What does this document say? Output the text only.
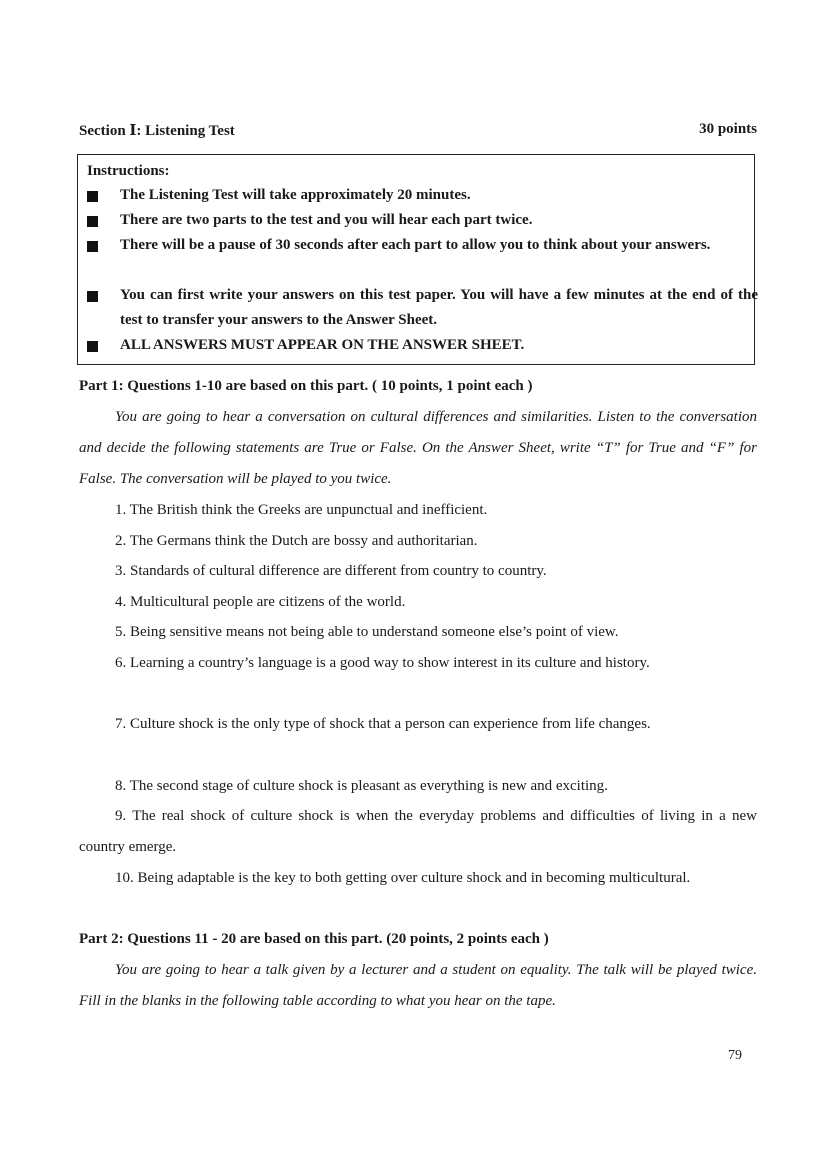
Section Ⅰ: Listening Test	30 points
Instructions:
The Listening Test will take approximately 20 minutes.
There are two parts to the test and you will hear each part twice.
There will be a pause of 30 seconds after each part to allow you to think about your answers.
You can first write your answers on this test paper. You will have a few minutes at the end of the test to transfer your answers to the Answer Sheet.
ALL ANSWERS MUST APPEAR ON THE ANSWER SHEET.
Part 1: Questions 1-10 are based on this part. ( 10 points, 1 point each )
You are going to hear a conversation on cultural differences and similarities. Listen to the conversation and decide the following statements are True or False. On the Answer Sheet, write “T” for True and “F” for False. The conversation will be played to you twice.
1. The British think the Greeks are unpunctual and inefficient.
2. The Germans think the Dutch are bossy and authoritarian.
3. Standards of cultural difference are different from country to country.
4. Multicultural people are citizens of the world.
5. Being sensitive means not being able to understand someone else’s point of view.
6. Learning a country’s language is a good way to show interest in its culture and history.
7. Culture shock is the only type of shock that a person can experience from life changes.
8. The second stage of culture shock is pleasant as everything is new and exciting.
9. The real shock of culture shock is when the everyday problems and difficulties of living in a new country emerge.
10. Being adaptable is the key to both getting over culture shock and in becoming multicultural.
Part 2: Questions 11 - 20 are based on this part. (20 points, 2 points each )
You are going to hear a talk given by a lecturer and a student on equality. The talk will be played twice. Fill in the blanks in the following table according to what you hear on the tape.
79
